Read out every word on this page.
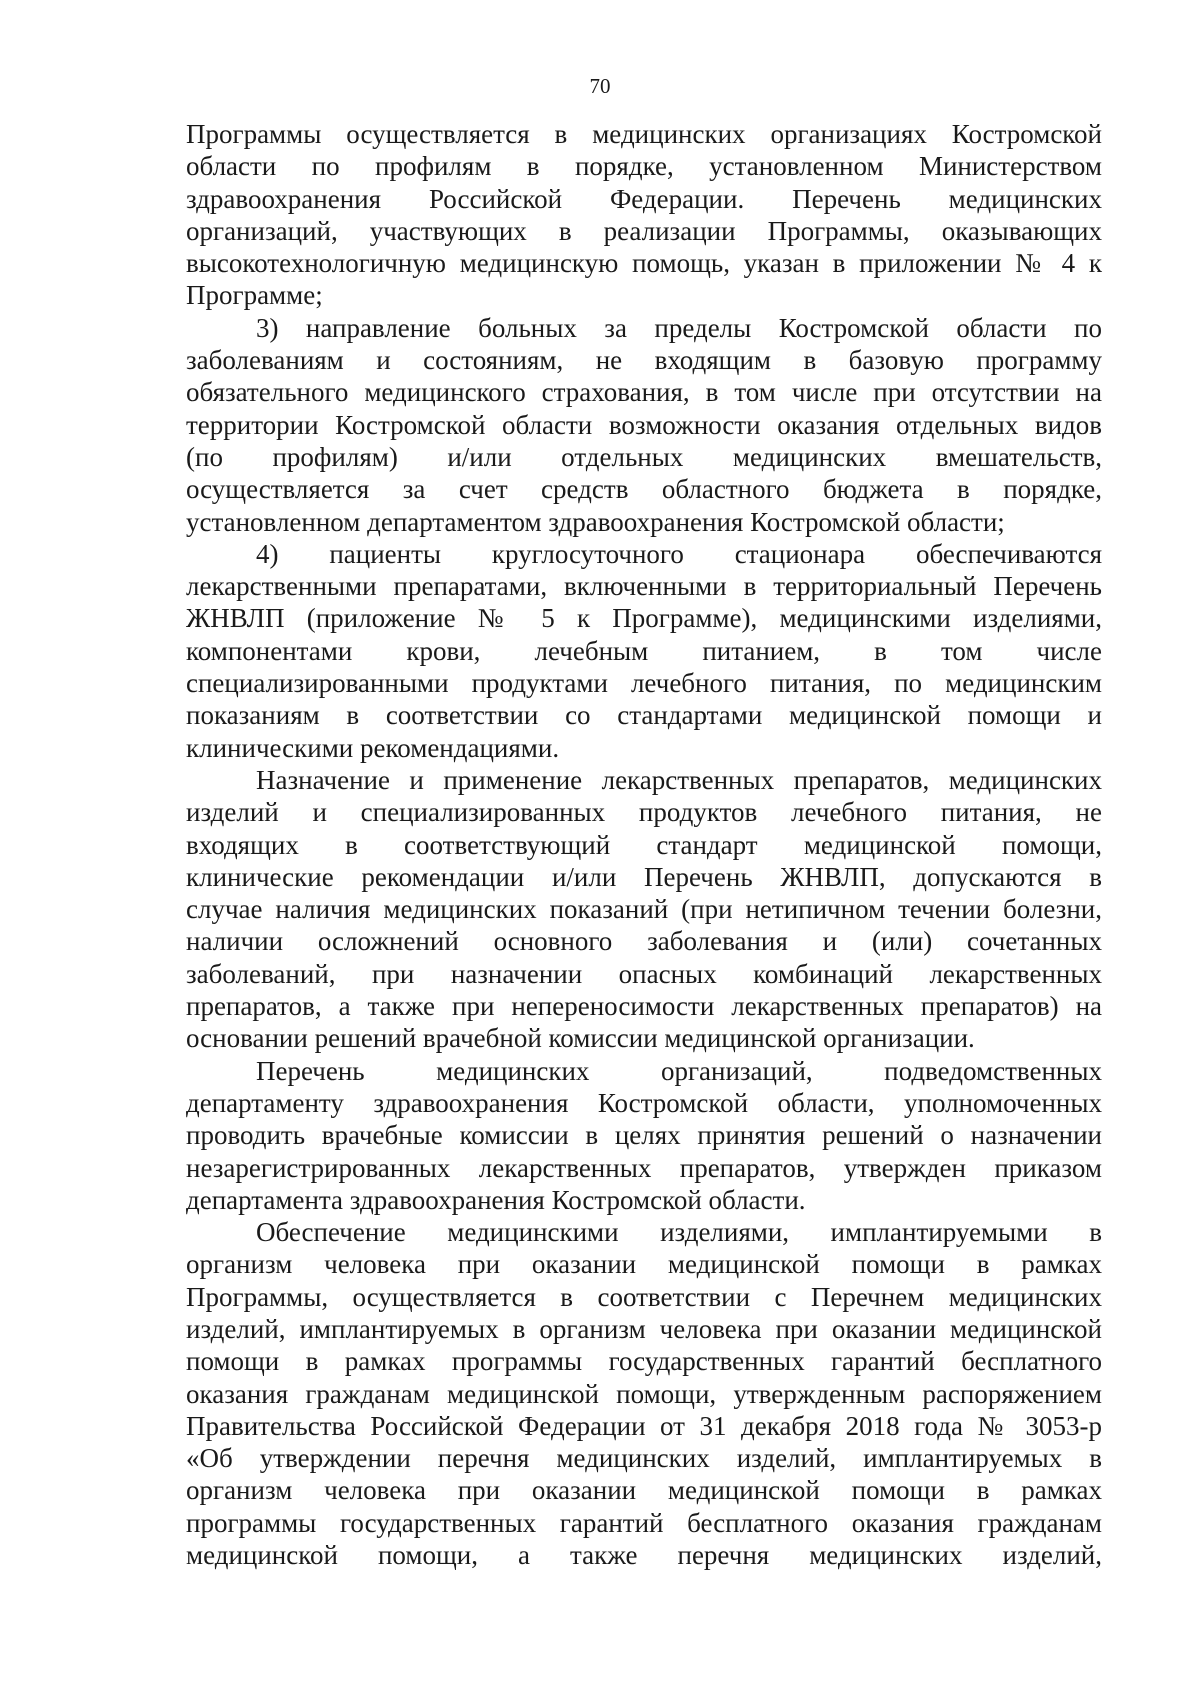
70
Программы осуществляется в медицинских организациях Костромской
области по профилям в порядке, установленном Министерством
здравоохранения Российской Федерации. Перечень медицинских
организаций, участвующих в реализации Программы, оказывающих
высокотехнологичную медицинскую помощь, указан в приложении № 4 к
Программе;
3) направление больных за пределы Костромской области по
заболеваниям и состояниям, не входящим в базовую программу
обязательного медицинского страхования, в том числе при отсутствии на
территории Костромской области возможности оказания отдельных видов
(по профилям) и/или отдельных медицинских вмешательств,
осуществляется за счет средств областного бюджета в порядке,
установленном департаментом здравоохранения Костромской области;
4) пациенты круглосуточного стационара обеспечиваются
лекарственными препаратами, включенными в территориальный Перечень
ЖНВЛП (приложение № 5 к Программе), медицинскими изделиями,
компонентами крови, лечебным питанием, в том числе
специализированными продуктами лечебного питания, по медицинским
показаниям в соответствии со стандартами медицинской помощи и
клиническими рекомендациями.
Назначение и применение лекарственных препаратов, медицинских
изделий и специализированных продуктов лечебного питания, не
входящих в соответствующий стандарт медицинской помощи,
клинические рекомендации и/или Перечень ЖНВЛП, допускаются в
случае наличия медицинских показаний (при нетипичном течении болезни,
наличии осложнений основного заболевания и (или) сочетанных
заболеваний, при назначении опасных комбинаций лекарственных
препаратов, а также при непереносимости лекарственных препаратов) на
основании решений врачебной комиссии медицинской организации.
Перечень медицинских организаций, подведомственных
департаменту здравоохранения Костромской области, уполномоченных
проводить врачебные комиссии в целях принятия решений о назначении
незарегистрированных лекарственных препаратов, утвержден приказом
департамента здравоохранения Костромской области.
Обеспечение медицинскими изделиями, имплантируемыми в
организм человека при оказании медицинской помощи в рамках
Программы, осуществляется в соответствии с Перечнем медицинских
изделий, имплантируемых в организм человека при оказании медицинской
помощи в рамках программы государственных гарантий бесплатного
оказания гражданам медицинской помощи, утвержденным распоряжением
Правительства Российской Федерации от 31 декабря 2018 года № 3053-р
«Об утверждении перечня медицинских изделий, имплантируемых в
организм человека при оказании медицинской помощи в рамках
программы государственных гарантий бесплатного оказания гражданам
медицинской помощи, а также перечня медицинских изделий,
